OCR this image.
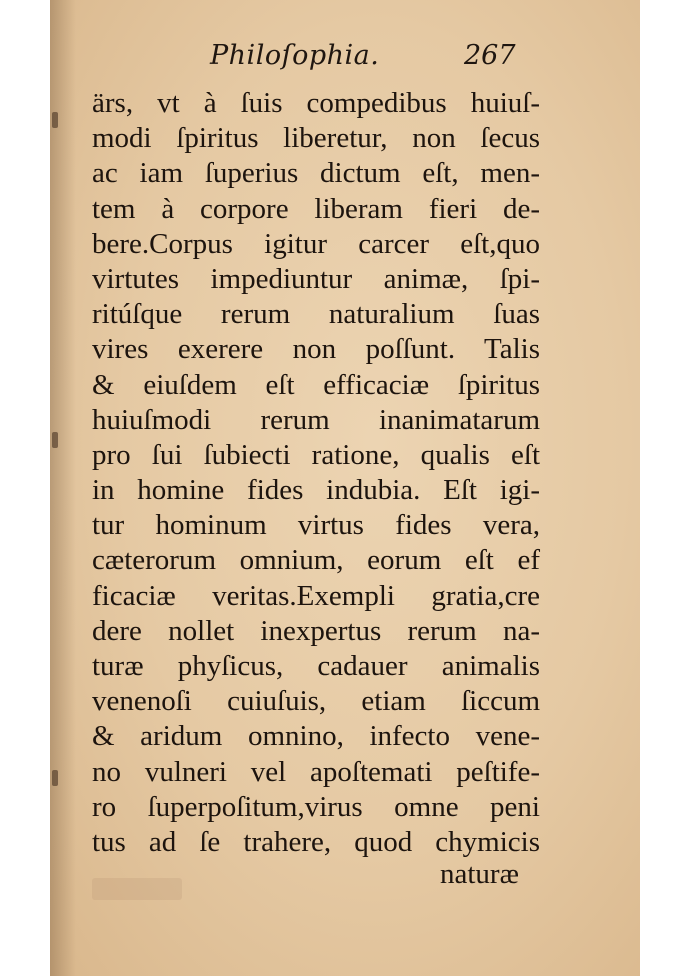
Philoſophia.	267
ärs, vt à ſuis compedibus huiuſ-
modi ſpiritus liberetur, non ſecus
ac iam ſuperius dictum eſt, men-
tem à corpore liberam fieri de-
bere.Corpus igitur carcer eſt,quo
virtutes impediuntur animæ, ſpi-
ritúſque rerum naturalium ſuas
vires exerere non poſſunt. Talis
& eiuſdem eſt efficaciæ ſpiritus
huiuſmodi rerum inanimatarum
pro ſui ſubiecti ratione, qualis eſt
in homine fides indubia. Eſt igi-
tur hominum virtus fides vera,
cæterorum omnium, eorum eſt ef
ficaciæ veritas.Exempli gratia,cre
dere nollet inexpertus rerum na-
turæ phyſicus, cadauer animalis
venenoſi cuiuſuis, etiam ſiccum
& aridum omnino, infecto vene-
no vulneri vel apoſtemati peſtife-
ro ſuperpoſitum,virus omne peni
tus ad ſe trahere, quod chymicis
naturæ
